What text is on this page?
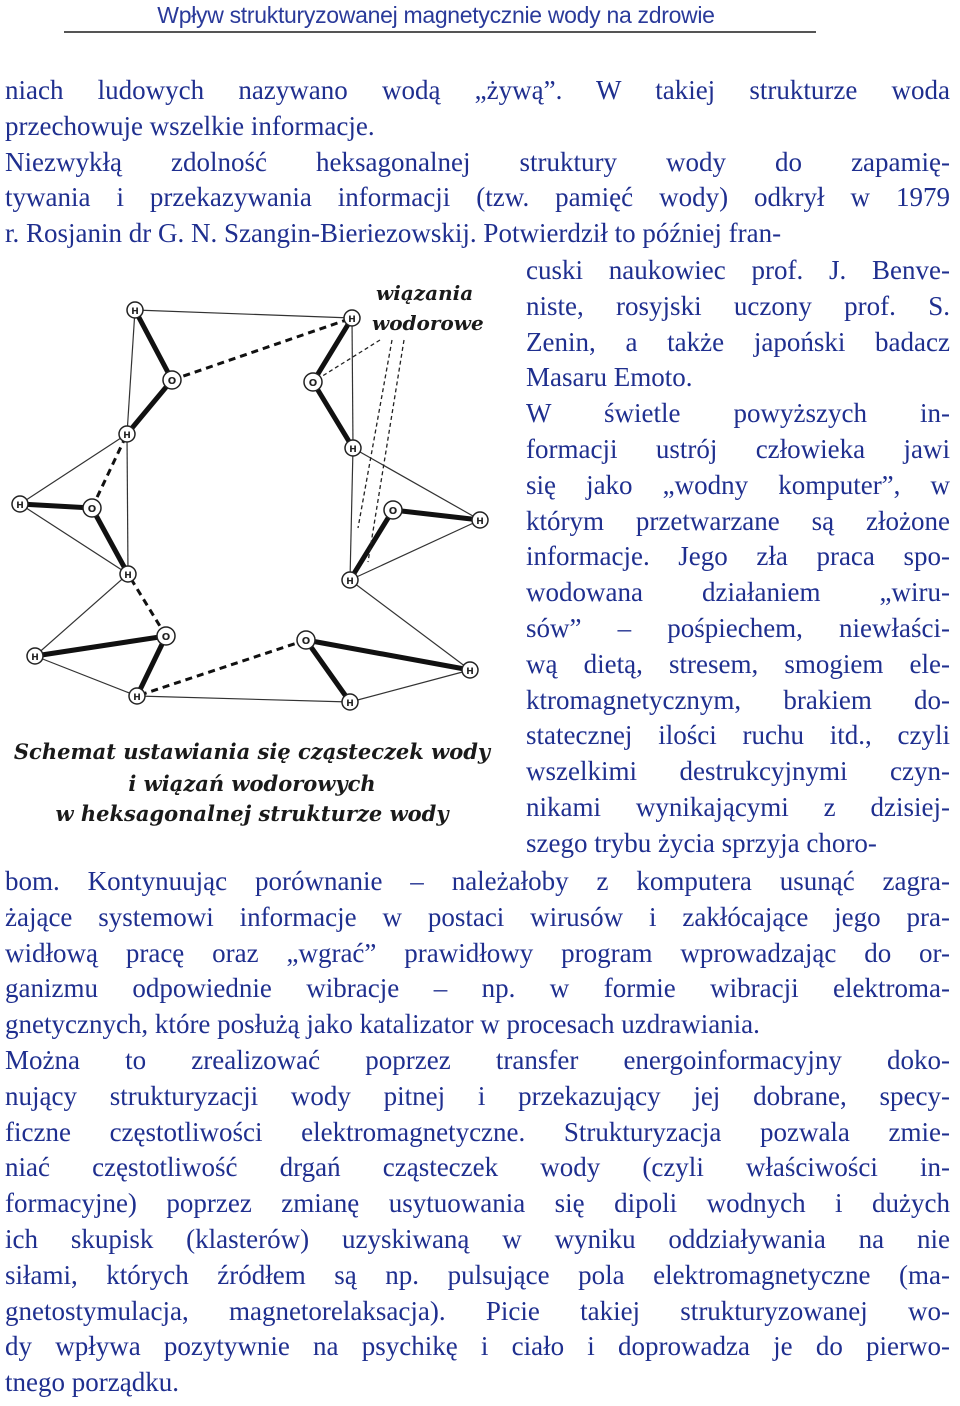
Wpływ strukturyzowanej magnetycznie wody na zdrowie
niach ludowych nazywano wodą „żywą”. W takiej strukturze woda
przechowuje wszelkie informacje.
Niezwykłą zdolność heksagonalnej struktury wody do zapamię-
tywania i przekazywania informacji (tzw. pamięć wody) odkrył w 1979
r. Rosjanin dr G. N. Szangin-Bieriezowskij. Potwierdził to później fran-
cuski naukowiec prof. J. Benve-
niste, rosyjski uczony prof. S.
Zenin, a także japoński badacz
Masaru Emoto.
W świetle powyższych in-
formacji ustrój człowieka jawi
się jako „wodny komputer”, w
którym przetwarzane są złożone
informacje. Jego zła praca spo-
wodowana działaniem „wiru-
sów” – pośpiechem, niewłaści-
wą dietą, stresem, smogiem ele-
ktromagnetycznym, brakiem do-
statecznej ilości ruchu itd., czyli
wszelkimi destrukcyjnymi czyn-
nikami wynikającymi z dzisiej-
szego trybu życia sprzyja choro-
bom. Kontynuując porównanie – należałoby z komputera usunąć zagra-
żające systemowi informacje w postaci wirusów i zakłócające jego pra-
widłową pracę oraz „wgrać” prawidłowy program wprowadzając do or-
ganizmu odpowiednie wibracje – np. w formie wibracji elektroma-
gnetycznych, które posłużą jako katalizator w procesach uzdrawiania.
Można to zrealizować poprzez transfer energoinformacyjny doko-
nujący strukturyzacji wody pitnej i przekazujący jej dobrane, specy-
ficzne częstotliwości elektromagnetyczne. Strukturyzacja pozwala zmie-
niać częstotliwość drgań cząsteczek wody (czyli właściwości in-
formacyjne) poprzez zmianę usytuowania się dipoli wodnych i dużych
ich skupisk (klasterów) uzyskiwaną w wyniku oddziaływania na nie
siłami, których źródłem są np. pulsujące pola elektromagnetyczne (ma-
gnetostymulacja, magnetorelaksacja). Picie takiej strukturyzowanej wo-
dy wpływa pozytywnie na psychikę i ciało i doprowadza je do pierwo-
tnego porządku.
H
H
H
H
H
H
H
H
H
H
H
H
O	O
O	O
O	O
wiązania
wodorowe
Schemat ustawiania się cząsteczek wody
i wiązań wodorowych
w heksagonalnej strukturze wody
